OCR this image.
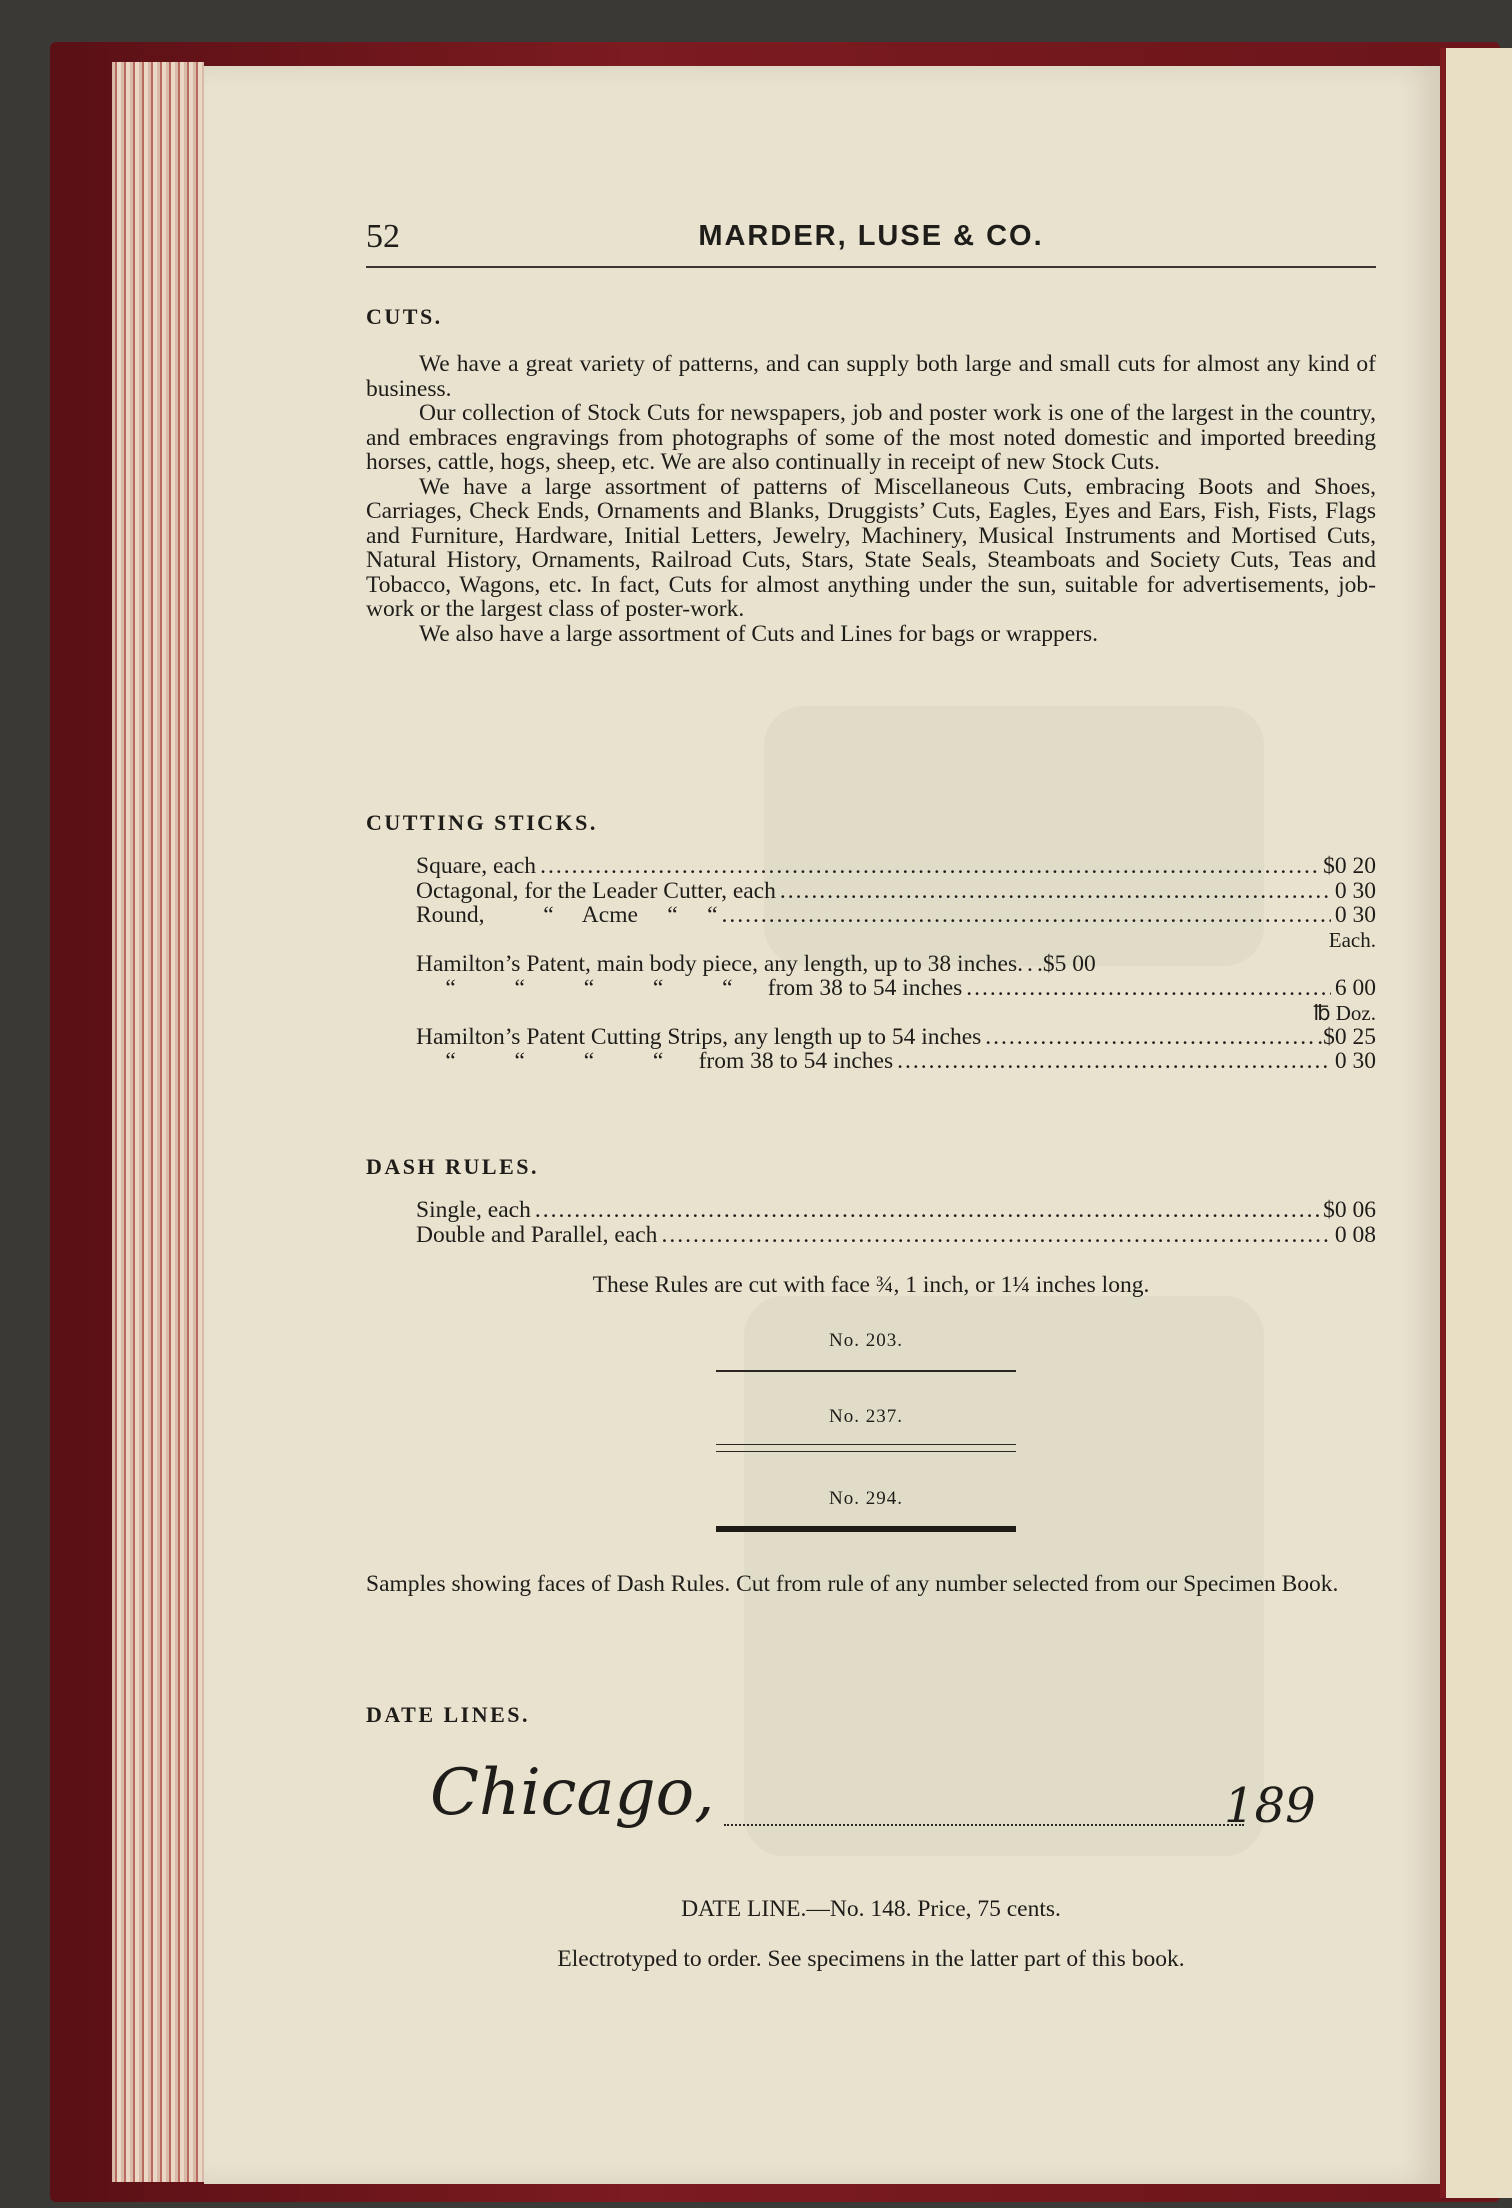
52	MARDER, LUSE & CO.
CUTS.

We have a great variety of patterns, and can supply both large and small cuts for almost any kind of business.

Our collection of Stock Cuts for newspapers, job and poster work is one of the largest in the country, and embraces engravings from photographs of some of the most noted domestic and imported breeding horses, cattle, hogs, sheep, etc. We are also continually in receipt of new Stock Cuts.

We have a large assortment of patterns of Miscellaneous Cuts, embracing Boots and Shoes, Carriages, Check Ends, Ornaments and Blanks, Druggists’ Cuts, Eagles, Eyes and Ears, Fish, Fists, Flags and Furniture, Hardware, Initial Letters, Jewelry, Machinery, Musical Instruments and Mortised Cuts, Natural History, Ornaments, Railroad Cuts, Stars, State Seals, Steamboats and Society Cuts, Teas and Tobacco, Wagons, etc. In fact, Cuts for almost anything under the sun, suitable for advertisements, job-work or the largest class of poster-work.

We also have a large assortment of Cuts and Lines for bags or wrappers.

CUTTING STICKS.
Square, each .....	$0 20
Octagonal, for the Leader Cutter, each .....	0 30
Round,          “     Acme     “     “ .....	0 30
Each.
Hamilton’s Patent, main body piece, any length, up to 38 inches. ..... .$5 00
“          “          “          “          “      from 38 to 54 inches .....	6 00
℔ Doz.
Hamilton’s Patent Cutting Strips, any length up to 54 inches .....	.$0 25
“          “          “          “      from 38 to 54 inches .....	0 30
DASH RULES.
Single, each .....	$0 06
Double and Parallel, each .....	0 08
These Rules are cut with face ¾, 1 inch, or 1¼ inches long.
No. 203.
No. 237.
No. 294.
Samples showing faces of Dash Rules. Cut from rule of any number selected from our Specimen Book.
DATE LINES.
Chicago,	189
DATE LINE.—No. 148. Price, 75 cents.
Electrotyped to order. See specimens in the latter part of this book.
